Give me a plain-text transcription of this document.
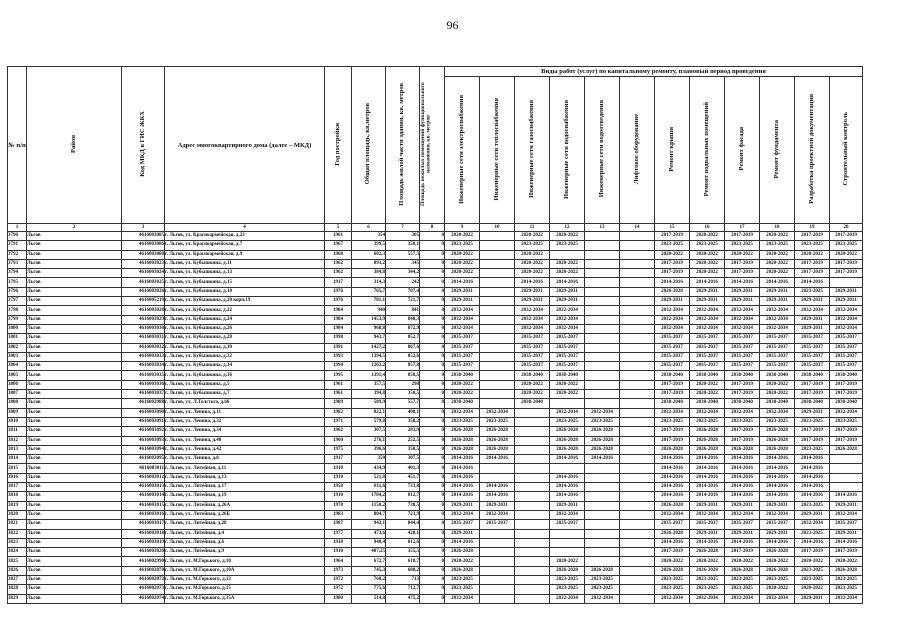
96
№ п/п	Район	Код МКД в ГИС ЖКХ	Адрес многоквартирного дома (далее – МКД)	Год постройки	Общая площадь, кв.метров	Площадь жилой части здания, кв. метров	Площадь нежилых помещений функционального назначения, кв. метров	Виды работ (услуг) по капитальному ремонту, плановый период проведения											
								Инженерные сети электроснабжения	Инженерные сети теплоснабжения	Инженерные сети газоснабжения	Инженерные сети водоснабжения	Инженерные сети водоотведения	Лифтовое оборудование	Ремонт крыши	Ремонт подвальных помещений	Ремонт фасада	Ремонт фундамента	Разработка проектной документации	Строительный контроль
1	2	3	4	5	6	7	8	9	10	11	12	13	14	15	16	17	18	19	20
3790	Льгов	4616003085	г. Льгов, ул. Красноармейская, д.23	1961	354	305	0	2020-2022		2020-2022	2020-2022			2017-2019	2020-2022	2017-2019	2020-2022	2017-2019	2017-2019
3791	Льгов	4616003086	г. Льгов, ул. Красноармейская, д.7	1967	399,5	358,1	0	2023-2025		2023-2025	2023-2025			2023-2025	2023-2025	2023-2025	2023-2025	2023-2025	2023-2025
3792	Льгов	4616003088	г. Льгов, ул. Красноармейская, д.9	1968	602,3	557,5	0	2020-2022		2020-2022				2020-2022	2020-2022	2020-2022	2020-2022	2020-2022	2020-2022
3793	Льгов	4616003023	г. Льгов, ул. Кубышкина, д.11	1962	893,2	345	0	2020-2022		2020-2022	2020-2022			2017-2019	2020-2022	2017-2019	2020-2022	2017-2019	2017-2019
3794	Льгов	4616003024	г. Льгов, ул. Кубышкина, д.13	1962	384,8	344,2	0	2020-2022		2020-2022	2020-2022			2017-2019	2020-2022	2017-2019	2020-2022	2017-2019	2017-2019
3795	Льгов	4616003025	г. Льгов, ул. Кубышкина, д.15	1917	314,3	242	0	2014-2016		2014-2016	2014-2016			2014-2016	2014-2016	2014-2016	2014-2016	2014-2016	
3796	Льгов	4616003026	г. Льгов, ул. Кубышкина, д.18	1976	765,7	707,4	0	2029-2031		2029-2031	2029-2031			2026-2028	2029-2031	2029-2031	2029-2031	2023-2025	2029-2031
3797	Льгов	4616005219	г. Льгов, ул. Кубышкина, д.20 корп.19	1976	781,1	721,7	0	2029-2031		2029-2031	2029-2031			2029-2031	2029-2031	2029-2031	2029-2031	2029-2031	2029-2031
3798	Льгов	4616003028	г. Льгов, ул. Кубышкина, д.22	1984	940	841	0	2032-2034		2032-2034	2032-2034			2032-2034	2032-2034	2032-2034	2032-2034	2032-2034	2032-2034
3799	Льгов	4616003029	г. Льгов, ул. Кубышкина, д.24	1984	1453,9	840,3	0	2032-2034		2032-2034	2032-2034			2032-2034	2032-2034	2032-2034	2032-2034	2029-2031	2032-2034
3800	Льгов	4616003030	г. Льгов, ул. Кубышкина, д.26	1984	968,8	872,9	0	2032-2034		2032-2034	2032-2034			2032-2034	2032-2034	2032-2034	2032-2034	2029-2031	2032-2034
3801	Льгов	4616003031	г. Льгов, ул. Кубышкина, д.28	1998	943,7	852,7	0	2035-2037		2035-2037	2035-2037			2035-2037	2035-2037	2035-2037	2035-2037	2035-2037	2035-2037
3802	Льгов	4616003032	г. Льгов, ул. Кубышкина, д.30	1991	1427,2	867,6	0	2035-2037		2035-2037	2035-2037			2035-2037	2035-2037	2035-2037	2035-2037	2035-2037	2035-2037
3803	Льгов	4616003033	г. Льгов, ул. Кубышкина, д.32	1993	1394,5	852,6	0	2035-2037		2035-2037	2035-2037			2035-2037	2035-2037	2035-2037	2035-2037	2035-2037	2035-2037
3804	Льгов	4616003034	г. Льгов, ул. Кубышкина, д.34	1994	1263,2	857,8	0	2035-2037		2035-2037	2035-2037			2035-2037	2035-2037	2035-2037	2035-2037	2035-2037	2035-2037
3805	Льгов	4616003035	г. Льгов, ул. Кубышкина, д.36	1995	1391,4	858,5	0	2038-2040		2038-2040	2038-2040			2038-2040	2038-2040	2038-2040	2038-2040	2038-2040	2038-2040
3806	Льгов	4616003036	г. Льгов, ул. Кубышкина, д.5	1961	357,5	298	0	2020-2022		2020-2022	2020-2022			2017-2019	2020-2022	2017-2019	2020-2022	2017-2019	2017-2019
3807	Льгов	4616003037	г. Льгов, ул. Кубышкина, д.7	1961	394,8	350,5	0	2020-2022		2020-2022	2020-2022			2017-2019	2020-2022	2017-2019	2020-2022	2017-2019	2017-2019
3808	Льгов	4616002988	г. Льгов, ул. Л.Толстого, д.66	1989	589,9	557,7	0	2038-2040		2038-2040				2038-2040	2038-2040	2038-2040	2038-2040	2038-2040	2038-2040
3809	Льгов	4616003090	г. Льгов, ул. Ленина, д.11	1982	822,1	408,1	0	2032-2034	2032-2034		2032-2034	2032-2034		2032-2034	2032-2034	2032-2034	2032-2034	2029-2031	2032-2034
3810	Льгов	4616003091	г. Льгов, ул. Ленина, д.32	1971	579,8	358,2	0	2023-2025	2023-2025		2023-2025	2023-2025		2023-2025	2023-2025	2023-2025	2023-2025	2023-2025	2023-2025
3811	Льгов	4616003092	г. Льгов, ул. Ленина, д.34	1962	307,5	283,9	0	2026-2028	2026-2028		2026-2028	2026-2028		2017-2019	2026-2028	2017-2019	2026-2028	2017-2019	2017-2019
3812	Льгов	4616003093	г. Льгов, ул. Ленина, д.40	1960	276,1	252,5	0	2026-2028	2026-2028		2026-2028	2026-2028		2017-2019	2026-2028	2017-2019	2026-2028	2017-2019	2017-2019
3813	Льгов	4616003094	г. Льгов, ул. Ленина, д.42	1975	396,6	358,5	0	2026-2028	2026-2028		2026-2028	2026-2028		2026-2028	2026-2028	2026-2028	2026-2028	2023-2025	2026-2028
3814	Льгов	4616003095	г. Льгов, ул. Ленина, д.8	1917	350	307,5	0	2014-2016	2014-2016		2014-2016	2014-2016		2014-2016	2014-2016	2014-2016	2014-2016	2014-2016	
3815	Льгов	4616003011	г. Льгов, ул. Литейная, д.11	1910	434,9	401,3	0	2014-2016						2014-2016	2014-2016	2014-2016	2014-2016	2014-2016	
3816	Льгов	4616003012	г. Льгов, ул. Литейная, д.13	1910	521,8	451,7	0	2014-2016			2014-2016			2014-2016	2014-2016	2014-2016	2014-2016	2014-2016	
3817	Льгов	4616003013	г. Льгов, ул. Литейная, д.17	1958	811,6	733,8	0	2014-2016	2014-2016		2014-2016			2014-2016	2014-2016	2014-2016	2014-2016	2014-2016	
3818	Льгов	4616003014	г. Льгов, ул. Литейная, д.19	1910	1784,2	812,7	0	2014-2016	2014-2016		2014-2016			2014-2016	2014-2016	2014-2016	2014-2016	2014-2016	2014-2016
3819	Льгов	4616003015	г. Льгов, ул. Литейная, д.26А	1978	1150,2	738,5	0	2029-2031	2029-2031		2029-2031			2026-2028	2029-2031	2029-2031	2029-2031	2023-2025	2029-2031
3820	Льгов	4616003016	г. Льгов, ул. Литейная, д.26Б	1983	804,7	723,9	0	2032-2034	2032-2034		2032-2034			2032-2034	2032-2034	2032-2034	2032-2034	2029-2031	2032-2034
3821	Льгов	4616003017	г. Льгов, ул. Литейная, д.28	1987	942,1	844,4	0	2035-2037	2035-2037		2035-2037			2035-2037	2035-2037	2035-2037	2035-2037	2032-2034	2035-2037
3822	Льгов	4616003018	г. Льгов, ул. Литейная, д.4	1977	473,6	428,1	0	2029-2031						2026-2028	2029-2031	2029-2031	2029-2031	2023-2025	2029-2031
3823	Льгов	4616003019	г. Льгов, ул. Литейная, д.6	1910	940,4	812,6	0	2014-2016						2014-2016	2014-2016	2014-2016	2014-2016	2014-2016	2014-2016
3824	Льгов	4616003020	г. Льгов, ул. Литейная, д.9	1910	407,25	355,5	0	2026-2028						2017-2019	2026-2028	2017-2019	2026-2028	2017-2019	2017-2019
3825	Льгов	4616002990	г. Льгов, ул. М.Горького, д.10	1964	672,7	618,7	0	2020-2022			2020-2022			2020-2022	2020-2022	2020-2022	2020-2022	2020-2022	2020-2022
3826	Льгов	4616002070	г. Льгов, ул. М.Горького, д.10А	1973	745,3	688,2	0	2026-2028			2026-2028	2026-2028		2026-2028	2026-2028	2026-2028	2026-2028	2023-2025	2026-2028
3827	Льгов	4616002072	г. Льгов, ул. М.Горького, д.13	1972	760,2	713	0	2023-2025			2023-2025	2023-2025		2023-2025	2023-2025	2023-2025	2023-2025	2023-2025	2023-2025
3828	Льгов	4616002073	г. Льгов, ул. М.Горького, д.15	1972	775,6	712,7	0	2023-2025			2023-2025	2023-2025		2023-2025	2023-2025	2023-2025	2020-2022	2020-2022	2023-2025
3829	Льгов	4616002074	г. Льгов, ул. М.Горького, д.15А	1980	514,8	475,2	0	2032-2034			2032-2034	2032-2034		2032-2034	2032-2034	2032-2034	2032-2034	2029-2031	2032-2034
